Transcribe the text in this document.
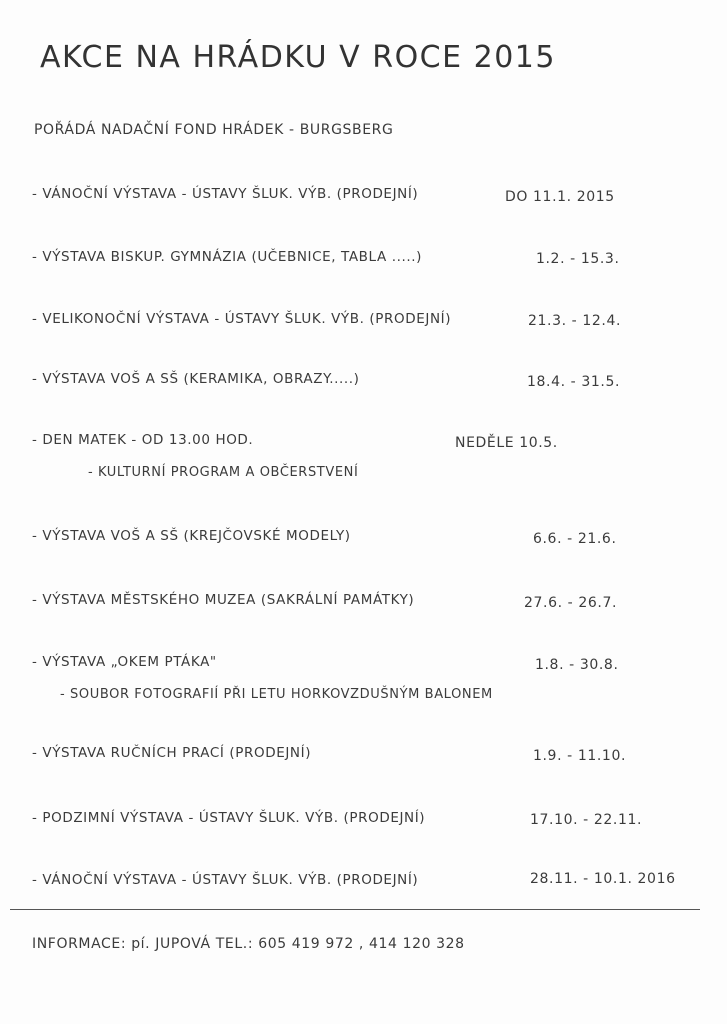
AKCE NA HRÁDKU V ROCE 2015
POŘÁDÁ NADAČNÍ FOND HRÁDEK - BURGSBERG
- VÁNOČNÍ VÝSTAVA - ÚSTAVY ŠLUK. VÝB. (PRODEJNÍ)	DO 11.1. 2015
- VÝSTAVA BISKUP. GYMNÁZIA (UČEBNICE, TABLA .....)	1.2. - 15.3.
- VELIKONOČNÍ VÝSTAVA - ÚSTAVY ŠLUK. VÝB. (PRODEJNÍ)	21.3. - 12.4.
- VÝSTAVA VOŠ A SŠ (KERAMIKA, OBRAZY.....)	18.4. - 31.5.
- DEN MATEK - OD 13.00 HOD.	NEDĚLE 10.5.
- KULTURNÍ PROGRAM A OBČERSTVENÍ
- VÝSTAVA VOŠ A SŠ (KREJČOVSKÉ MODELY)	6.6. - 21.6.
- VÝSTAVA MĚSTSKÉHO MUZEA (SAKRÁLNÍ PAMÁTKY)	27.6. - 26.7.
- VÝSTAVA „OKEM PTÁKA"	1.8. - 30.8.
- SOUBOR FOTOGRAFIÍ PŘI LETU HORKOVZDUŠNÝM BALONEM
- VÝSTAVA RUČNÍCH PRACÍ (PRODEJNÍ)	1.9. - 11.10.
- PODZIMNÍ VÝSTAVA - ÚSTAVY ŠLUK. VÝB. (PRODEJNÍ)	17.10. - 22.11.
- VÁNOČNÍ VÝSTAVA - ÚSTAVY ŠLUK. VÝB. (PRODEJNÍ)	28.11. - 10.1. 2016
INFORMACE: pí. JUPOVÁ TEL.: 605 419 972 , 414 120 328
